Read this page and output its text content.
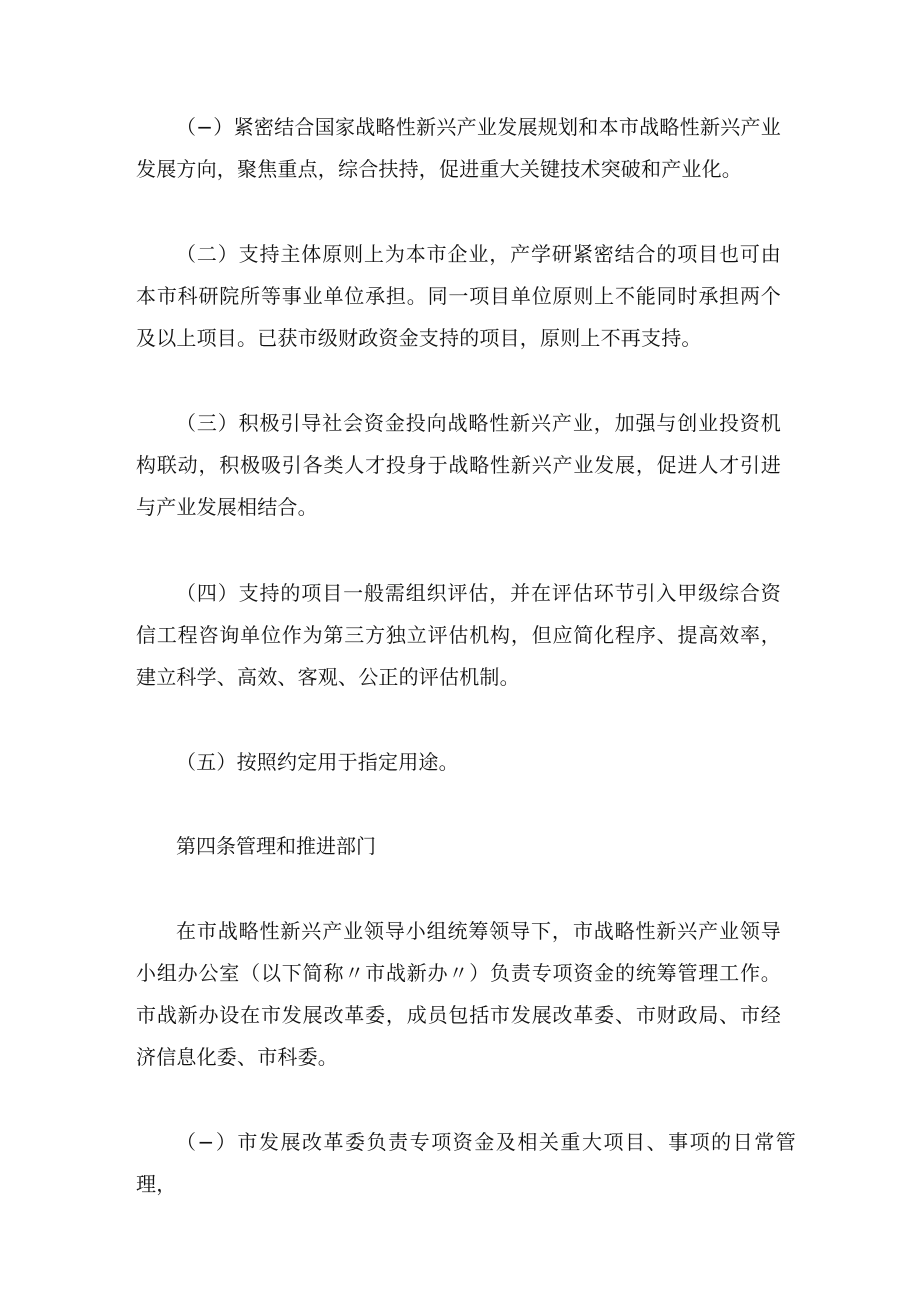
（−）紧密结合国家战略性新兴产业发展规划和本市战略性新兴产业发展方向，聚焦重点，综合扶持，促进重大关键技术突破和产业化。

（二）支持主体原则上为本市企业，产学研紧密结合的项目也可由本市科研院所等事业单位承担。同一项目单位原则上不能同时承担两个及以上项目。已获市级财政资金支持的项目，原则上不再支持。

（三）积极引导社会资金投向战略性新兴产业，加强与创业投资机构联动，积极吸引各类人才投身于战略性新兴产业发展，促进人才引进与产业发展相结合。

（四）支持的项目一般需组织评估，并在评估环节引入甲级综合资信工程咨询单位作为第三方独立评估机构，但应简化程序、提高效率，建立科学、高效、客观、公正的评估机制。

（五）按照约定用于指定用途。

第四条管理和推进部门

在市战略性新兴产业领导小组统筹领导下，市战略性新兴产业领导小组办公室（以下简称〃市战新办〃）负责专项资金的统筹管理工作。市战新办设在市发展改革委，成员包括市发展改革委、市财政局、市经济信息化委、市科委。

（−）市发展改革委负责专项资金及相关重大项目、事项的日常管理，
